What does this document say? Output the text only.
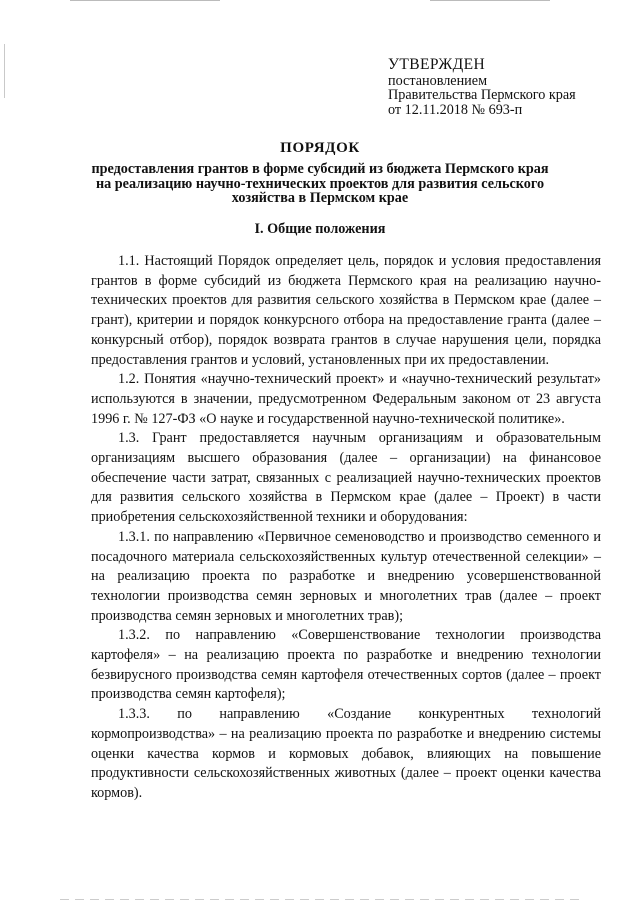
УТВЕРЖДЕН
постановлением
Правительства Пермского края
от 12.11.2018 № 693-п
ПОРЯДОК
предоставления грантов в форме субсидий из бюджета Пермского края на реализацию научно-технических проектов для развития сельского хозяйства в Пермском крае
I. Общие положения

1.1. Настоящий Порядок определяет цель, порядок и условия предоставления грантов в форме субсидий из бюджета Пермского края на реализацию научно-технических проектов для развития сельского хозяйства в Пермском крае (далее – грант), критерии и порядок конкурсного отбора на предоставление гранта (далее – конкурсный отбор), порядок возврата грантов в случае нарушения цели, порядка предоставления грантов и условий, установленных при их предоставлении.

1.2. Понятия «научно-технический проект» и «научно-технический результат» используются в значении, предусмотренном Федеральным законом от 23 августа 1996 г. № 127-ФЗ «О науке и государственной научно-технической политике».

1.3. Грант предоставляется научным организациям и образовательным организациям высшего образования (далее – организации) на финансовое обеспечение части затрат, связанных с реализацией научно-технических проектов для развития сельского хозяйства в Пермском крае (далее – Проект) в части приобретения сельскохозяйственной техники и оборудования:

1.3.1. по направлению «Первичное семеноводство и производство семенного и посадочного материала сельскохозяйственных культур отечественной селекции» – на реализацию проекта по разработке и внедрению усовершенствованной технологии производства семян зерновых и многолетних трав (далее – проект производства семян зерновых и многолетних трав);

1.3.2. по направлению «Совершенствование технологии производства картофеля» – на реализацию проекта по разработке и внедрению технологии безвирусного производства семян картофеля отечественных сортов (далее – проект производства семян картофеля);

1.3.3. по направлению «Создание конкурентных технологий кормопроизводства» – на реализацию проекта по разработке и внедрению системы оценки качества кормов и кормовых добавок, влияющих на повышение продуктивности сельскохозяйственных животных (далее – проект оценки качества кормов).
